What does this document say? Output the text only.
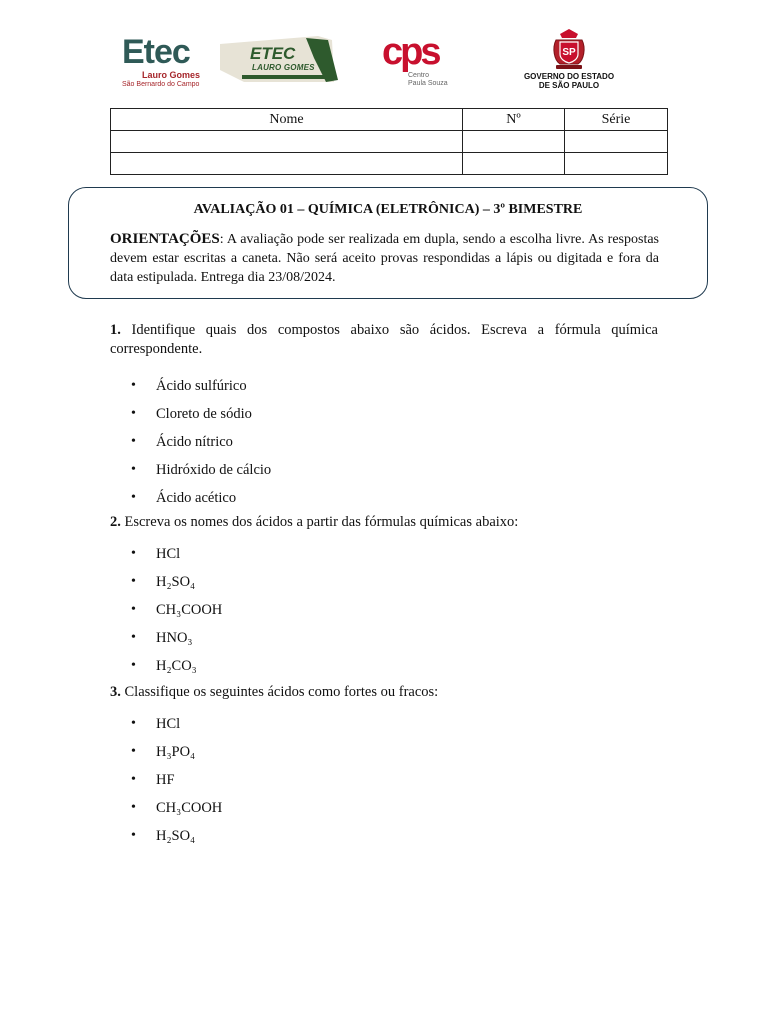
Etec
Lauro Gomes
São Bernardo do Campo
ETEC
LAURO GOMES cps
Centro
Paula Souza
SP
GOVERNO DO ESTADO
DE SÃO PAULO
Nome	Nº	Série

AVALIAÇÃO 01 – QUÍMICA (ELETRÔNICA) – 3º BIMESTRE
ORIENTAÇÕES: A avaliação pode ser realizada em dupla, sendo a escolha livre. As respostas devem estar escritas a caneta. Não será aceito provas respondidas a lápis ou digitada e fora da data estipulada. Entrega dia 23/08/2024.

1. Identifique quais dos compostos abaixo são ácidos. Escreva a fórmula química correspondente.

• Ácido sulfúrico
• Cloreto de sódio
• Ácido nítrico
• Hidróxido de cálcio
• Ácido acético

2. Escreva os nomes dos ácidos a partir das fórmulas químicas abaixo:

• HCl
• H₂SO₄
• CH₃COOH
• HNO₃
• H₂CO₃

3. Classifique os seguintes ácidos como fortes ou fracos:

• HCl
• H₃PO₄
• HF
• CH₃COOH
• H₂SO₄
